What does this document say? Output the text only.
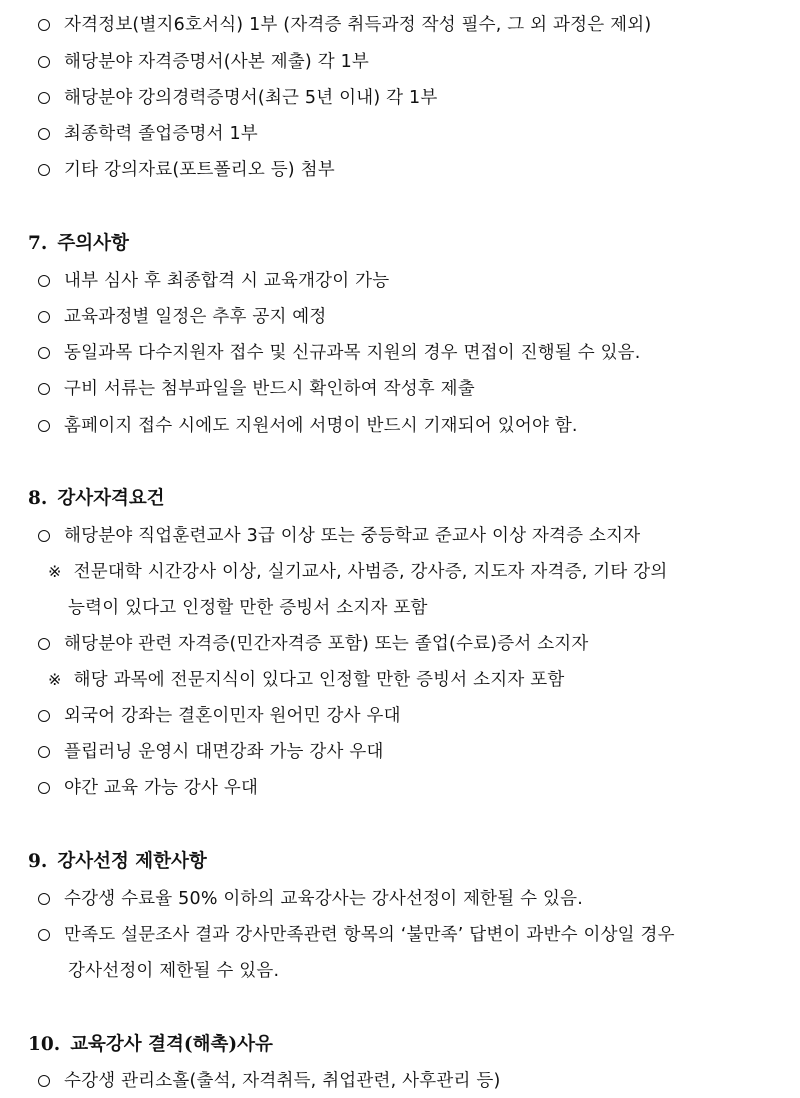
자격정보(별지6호서식) 1부 (자격증 취득과정 작성 필수, 그 외 과정은 제외)
해당분야 자격증명서(사본 제출) 각 1부
해당분야 강의경력증명서(최근 5년 이내) 각 1부
최종학력 졸업증명서 1부
기타 강의자료(포트폴리오 등) 첨부
7. 주의사항
내부 심사 후 최종합격 시 교육개강이 가능
교육과정별 일정은 추후 공지 예정
동일과목 다수지원자 접수 및 신규과목 지원의 경우 면접이 진행될 수 있음.
구비 서류는 첨부파일을 반드시 확인하여 작성후 제출
홈페이지 접수 시에도 지원서에 서명이 반드시 기재되어 있어야 함.
8. 강사자격요건
해당분야 직업훈련교사 3급 이상 또는 중등학교 준교사 이상 자격증 소지자
※ 전문대학 시간강사 이상, 실기교사, 사범증, 강사증, 지도자 자격증, 기타 강의
능력이 있다고 인정할 만한 증빙서 소지자 포함
해당분야 관련 자격증(민간자격증 포함) 또는 졸업(수료)증서 소지자
※ 해당 과목에 전문지식이 있다고 인정할 만한 증빙서 소지자 포함
외국어 강좌는 결혼이민자 원어민 강사 우대
플립러닝 운영시 대면강좌 가능 강사 우대
야간 교육 가능 강사 우대
9. 강사선정 제한사항
수강생 수료율 50% 이하의 교육강사는 강사선정이 제한될 수 있음.
만족도 설문조사 결과 강사만족관련 항목의 ‘불만족’ 답변이 과반수 이상일 경우
강사선정이 제한될 수 있음.
10. 교육강사 결격(해촉)사유
수강생 관리소홀(출석, 자격취득, 취업관련, 사후관리 등)
